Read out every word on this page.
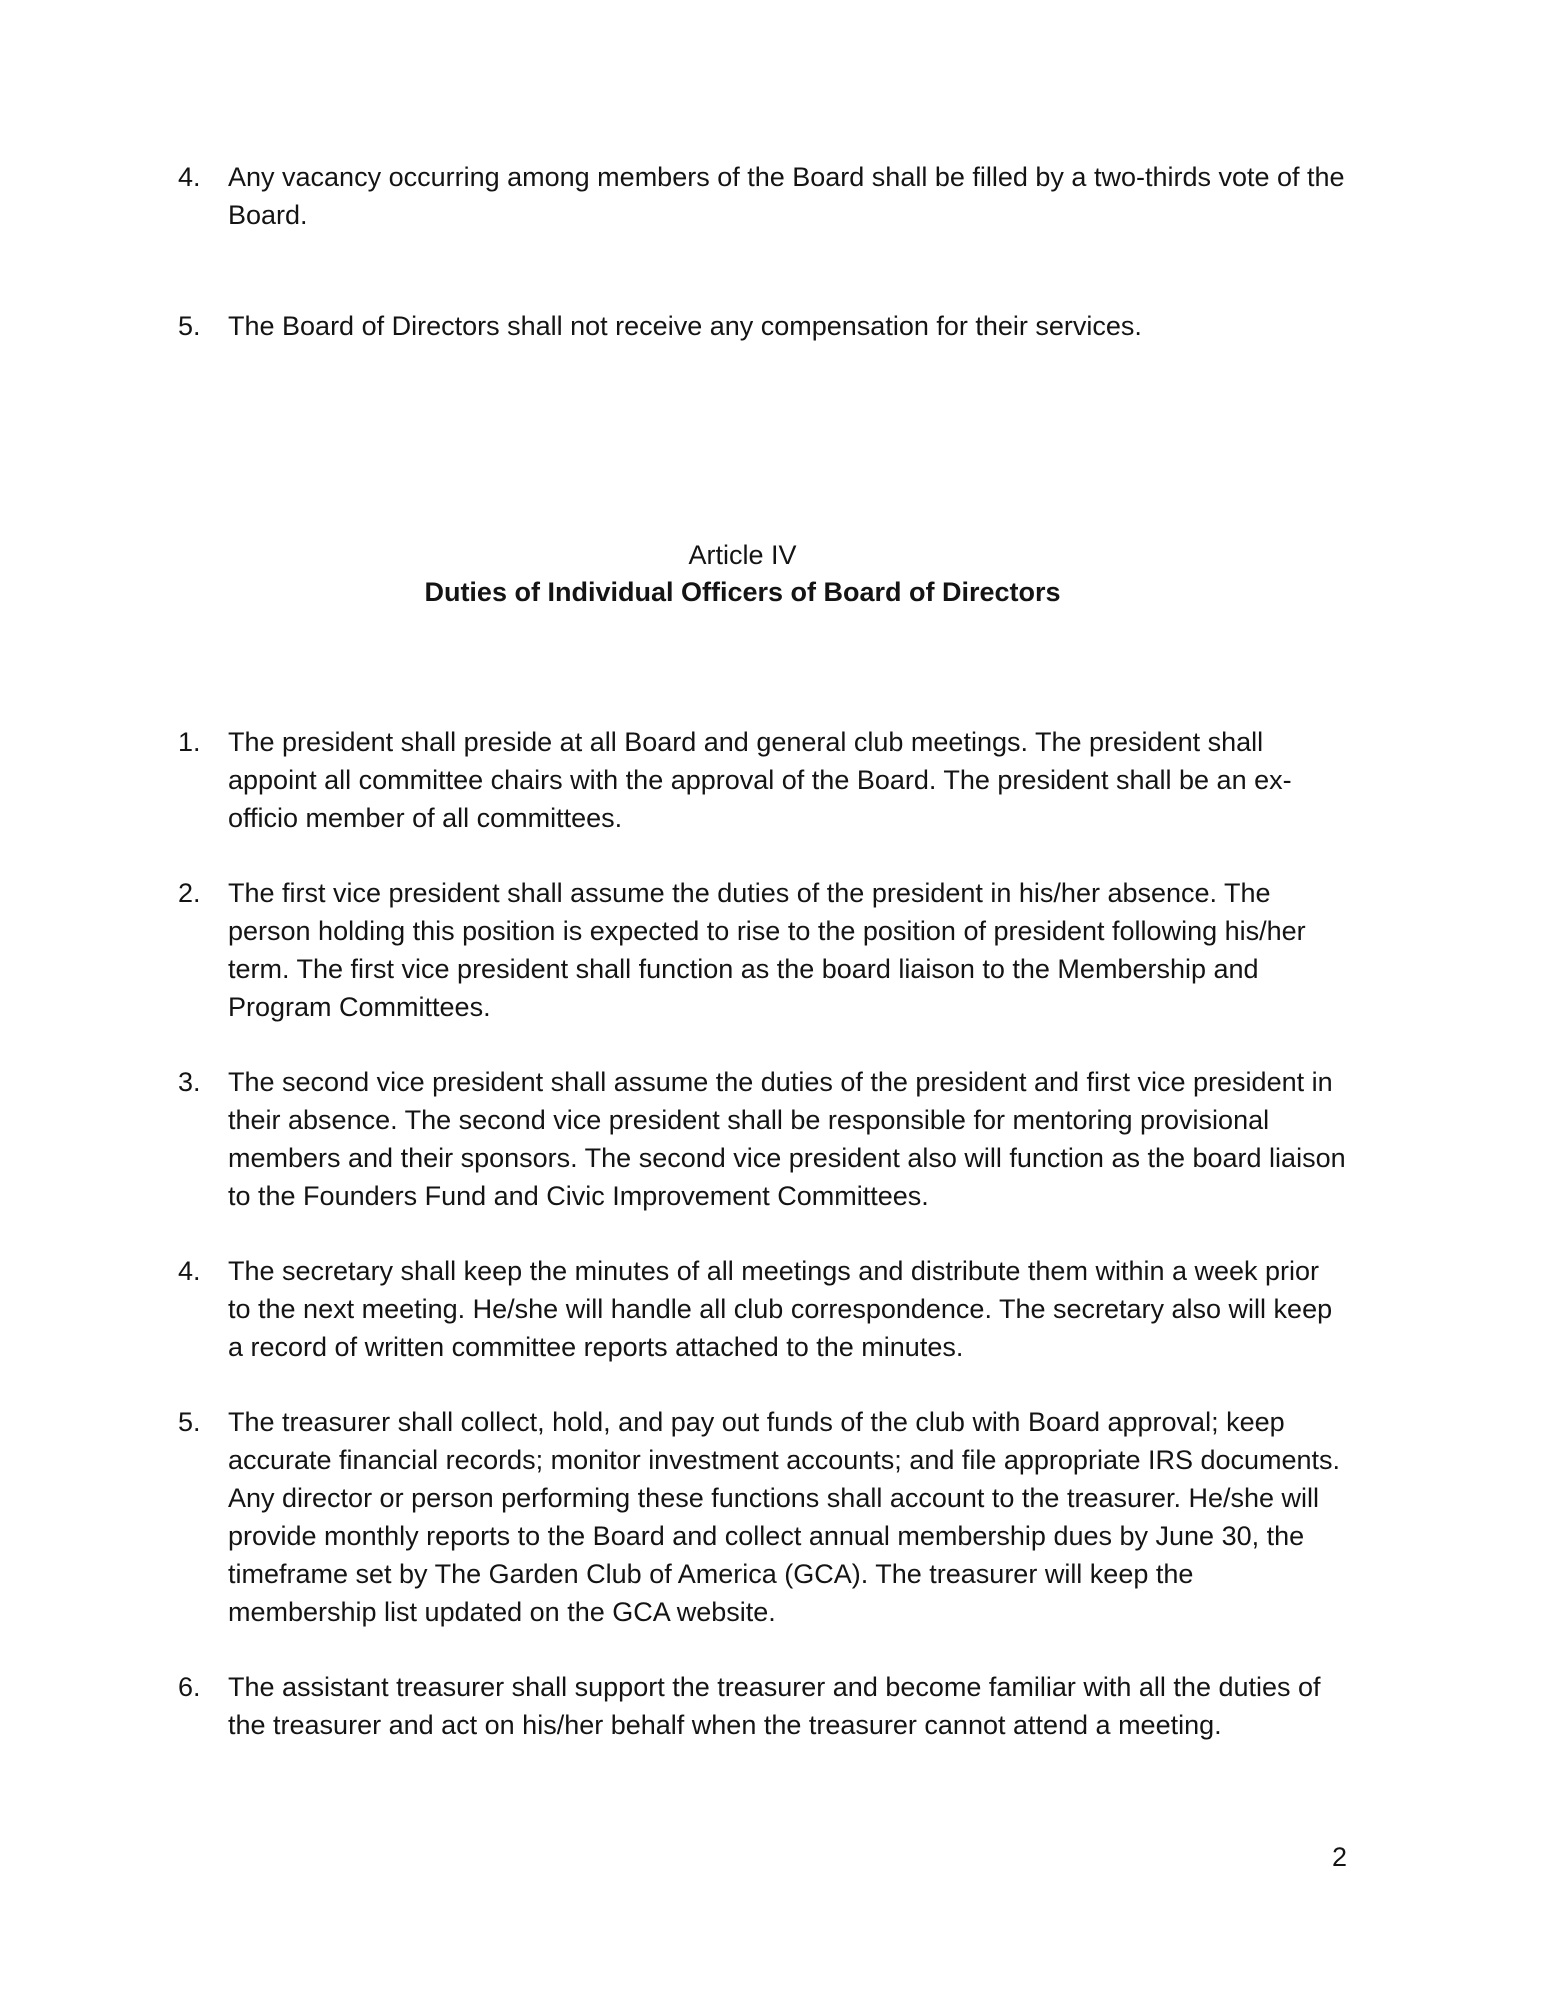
4. Any vacancy occurring among members of the Board shall be filled by a two-thirds vote of the Board.
5. The Board of Directors shall not receive any compensation for their services.
Article IV
Duties of Individual Officers of Board of Directors
1. The president shall preside at all Board and general club meetings. The president shall appoint all committee chairs with the approval of the Board. The president shall be an ex-officio member of all committees.
2. The first vice president shall assume the duties of the president in his/her absence. The person holding this position is expected to rise to the position of president following his/her term. The first vice president shall function as the board liaison to the Membership and Program Committees.
3. The second vice president shall assume the duties of the president and first vice president in their absence. The second vice president shall be responsible for mentoring provisional members and their sponsors. The second vice president also will function as the board liaison to the Founders Fund and Civic Improvement Committees.
4. The secretary shall keep the minutes of all meetings and distribute them within a week prior to the next meeting. He/she will handle all club correspondence. The secretary also will keep a record of written committee reports attached to the minutes.
5. The treasurer shall collect, hold, and pay out funds of the club with Board approval; keep accurate financial records; monitor investment accounts; and file appropriate IRS documents. Any director or person performing these functions shall account to the treasurer. He/she will provide monthly reports to the Board and collect annual membership dues by June 30, the timeframe set by The Garden Club of America (GCA). The treasurer will keep the membership list updated on the GCA website.
6. The assistant treasurer shall support the treasurer and become familiar with all the duties of the treasurer and act on his/her behalf when the treasurer cannot attend a meeting.
2
